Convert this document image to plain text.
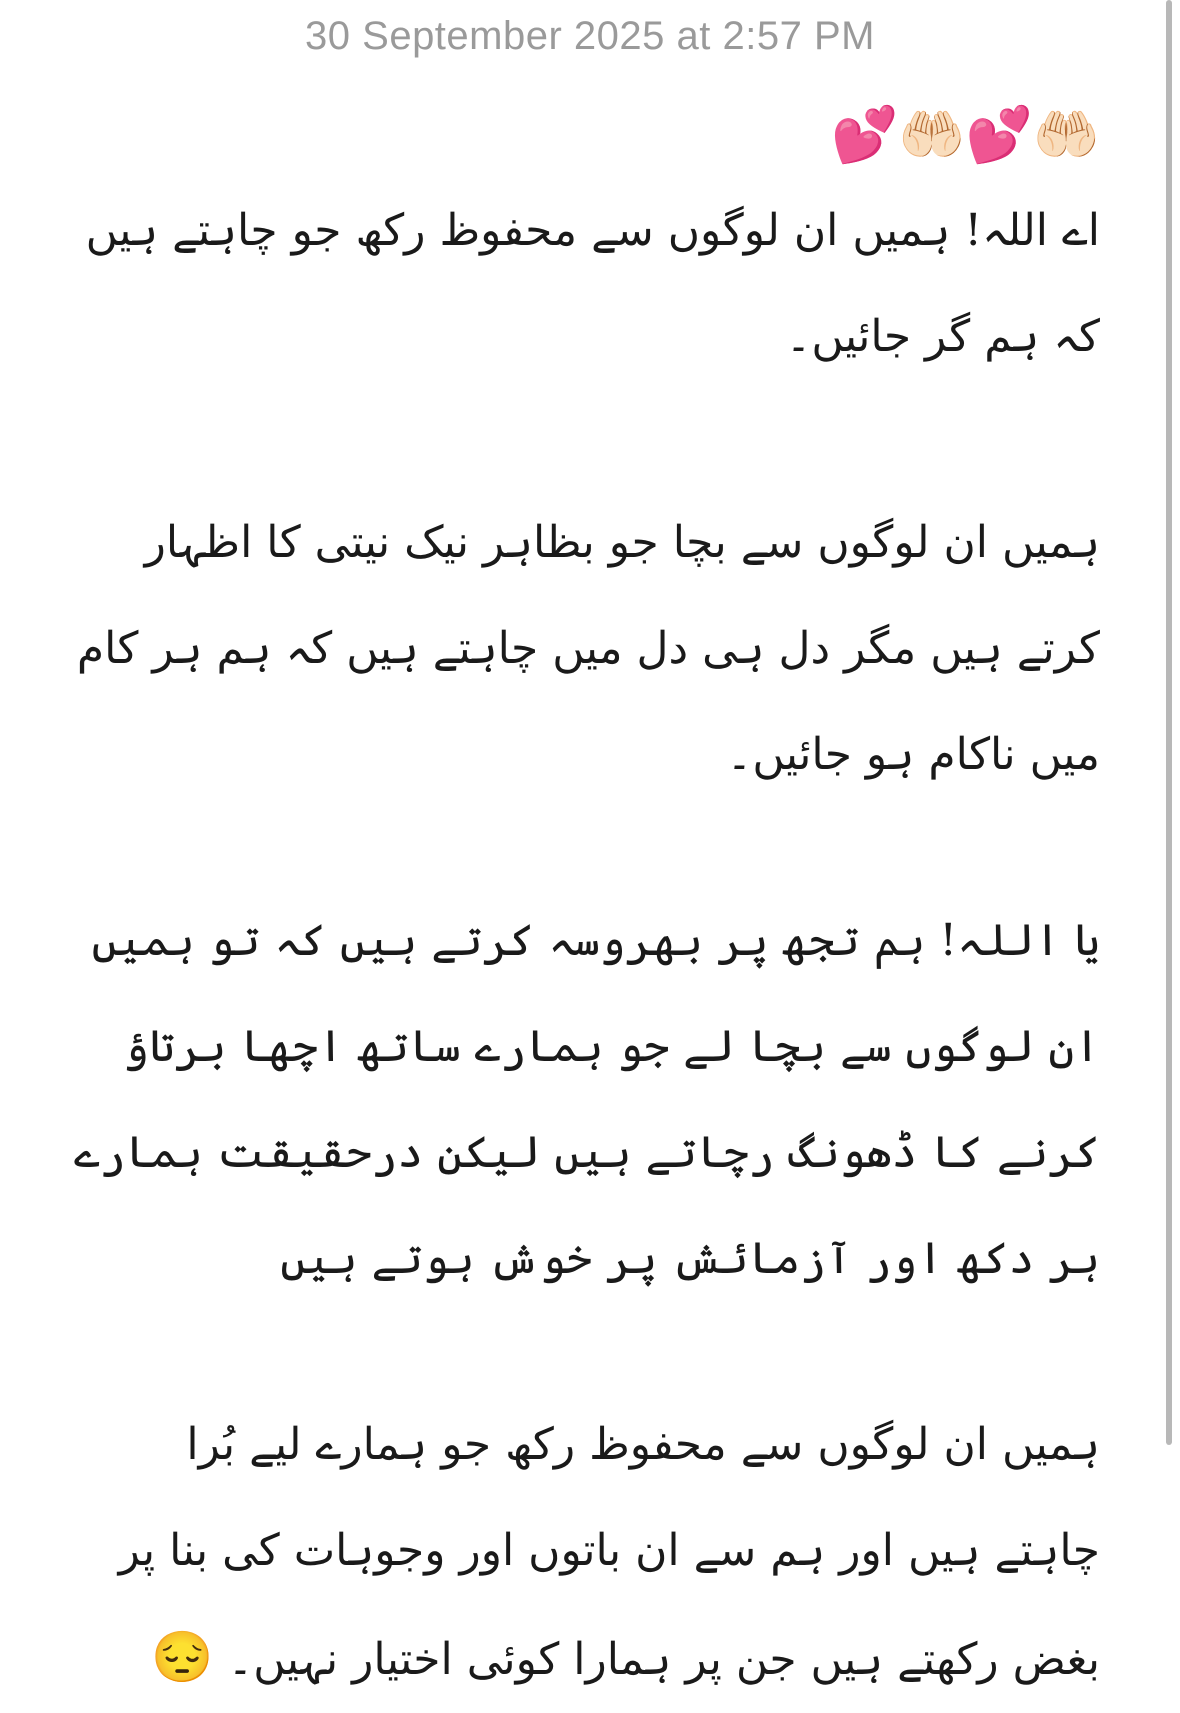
30 September 2025 at 2:57 PM
🤲🏻💕🤲🏻💕

اے اللہ! ہمیں ان لوگوں سے محفوظ رکھ جو چاہتے ہیں کہ ہم گر جائیں۔

ہمیں ان لوگوں سے بچا جو بظاہر نیک نیتی کا اظہار کرتے ہیں مگر دل ہی دل میں چاہتے ہیں کہ ہم ہر کام میں ناکام ہو جائیں۔

یا اللہ! ہم تجھ پر بھروسہ کرتے ہیں کہ تو ہمیں ان لوگوں سے بچا لے جو ہمارے ساتھ اچھا برتاؤ کرنے کا ڈھونگ رچاتے ہیں لیکن درحقیقت ہمارے ہر دکھ اور آزمائش پر خوش ہوتے ہیں

ہمیں ان لوگوں سے محفوظ رکھ جو ہمارے لیے بُرا چاہتے ہیں اور ہم سے ان باتوں اور وجوہات کی بنا پر بغض رکھتے ہیں جن پر ہمارا کوئی اختیار نہیں۔ 😔
